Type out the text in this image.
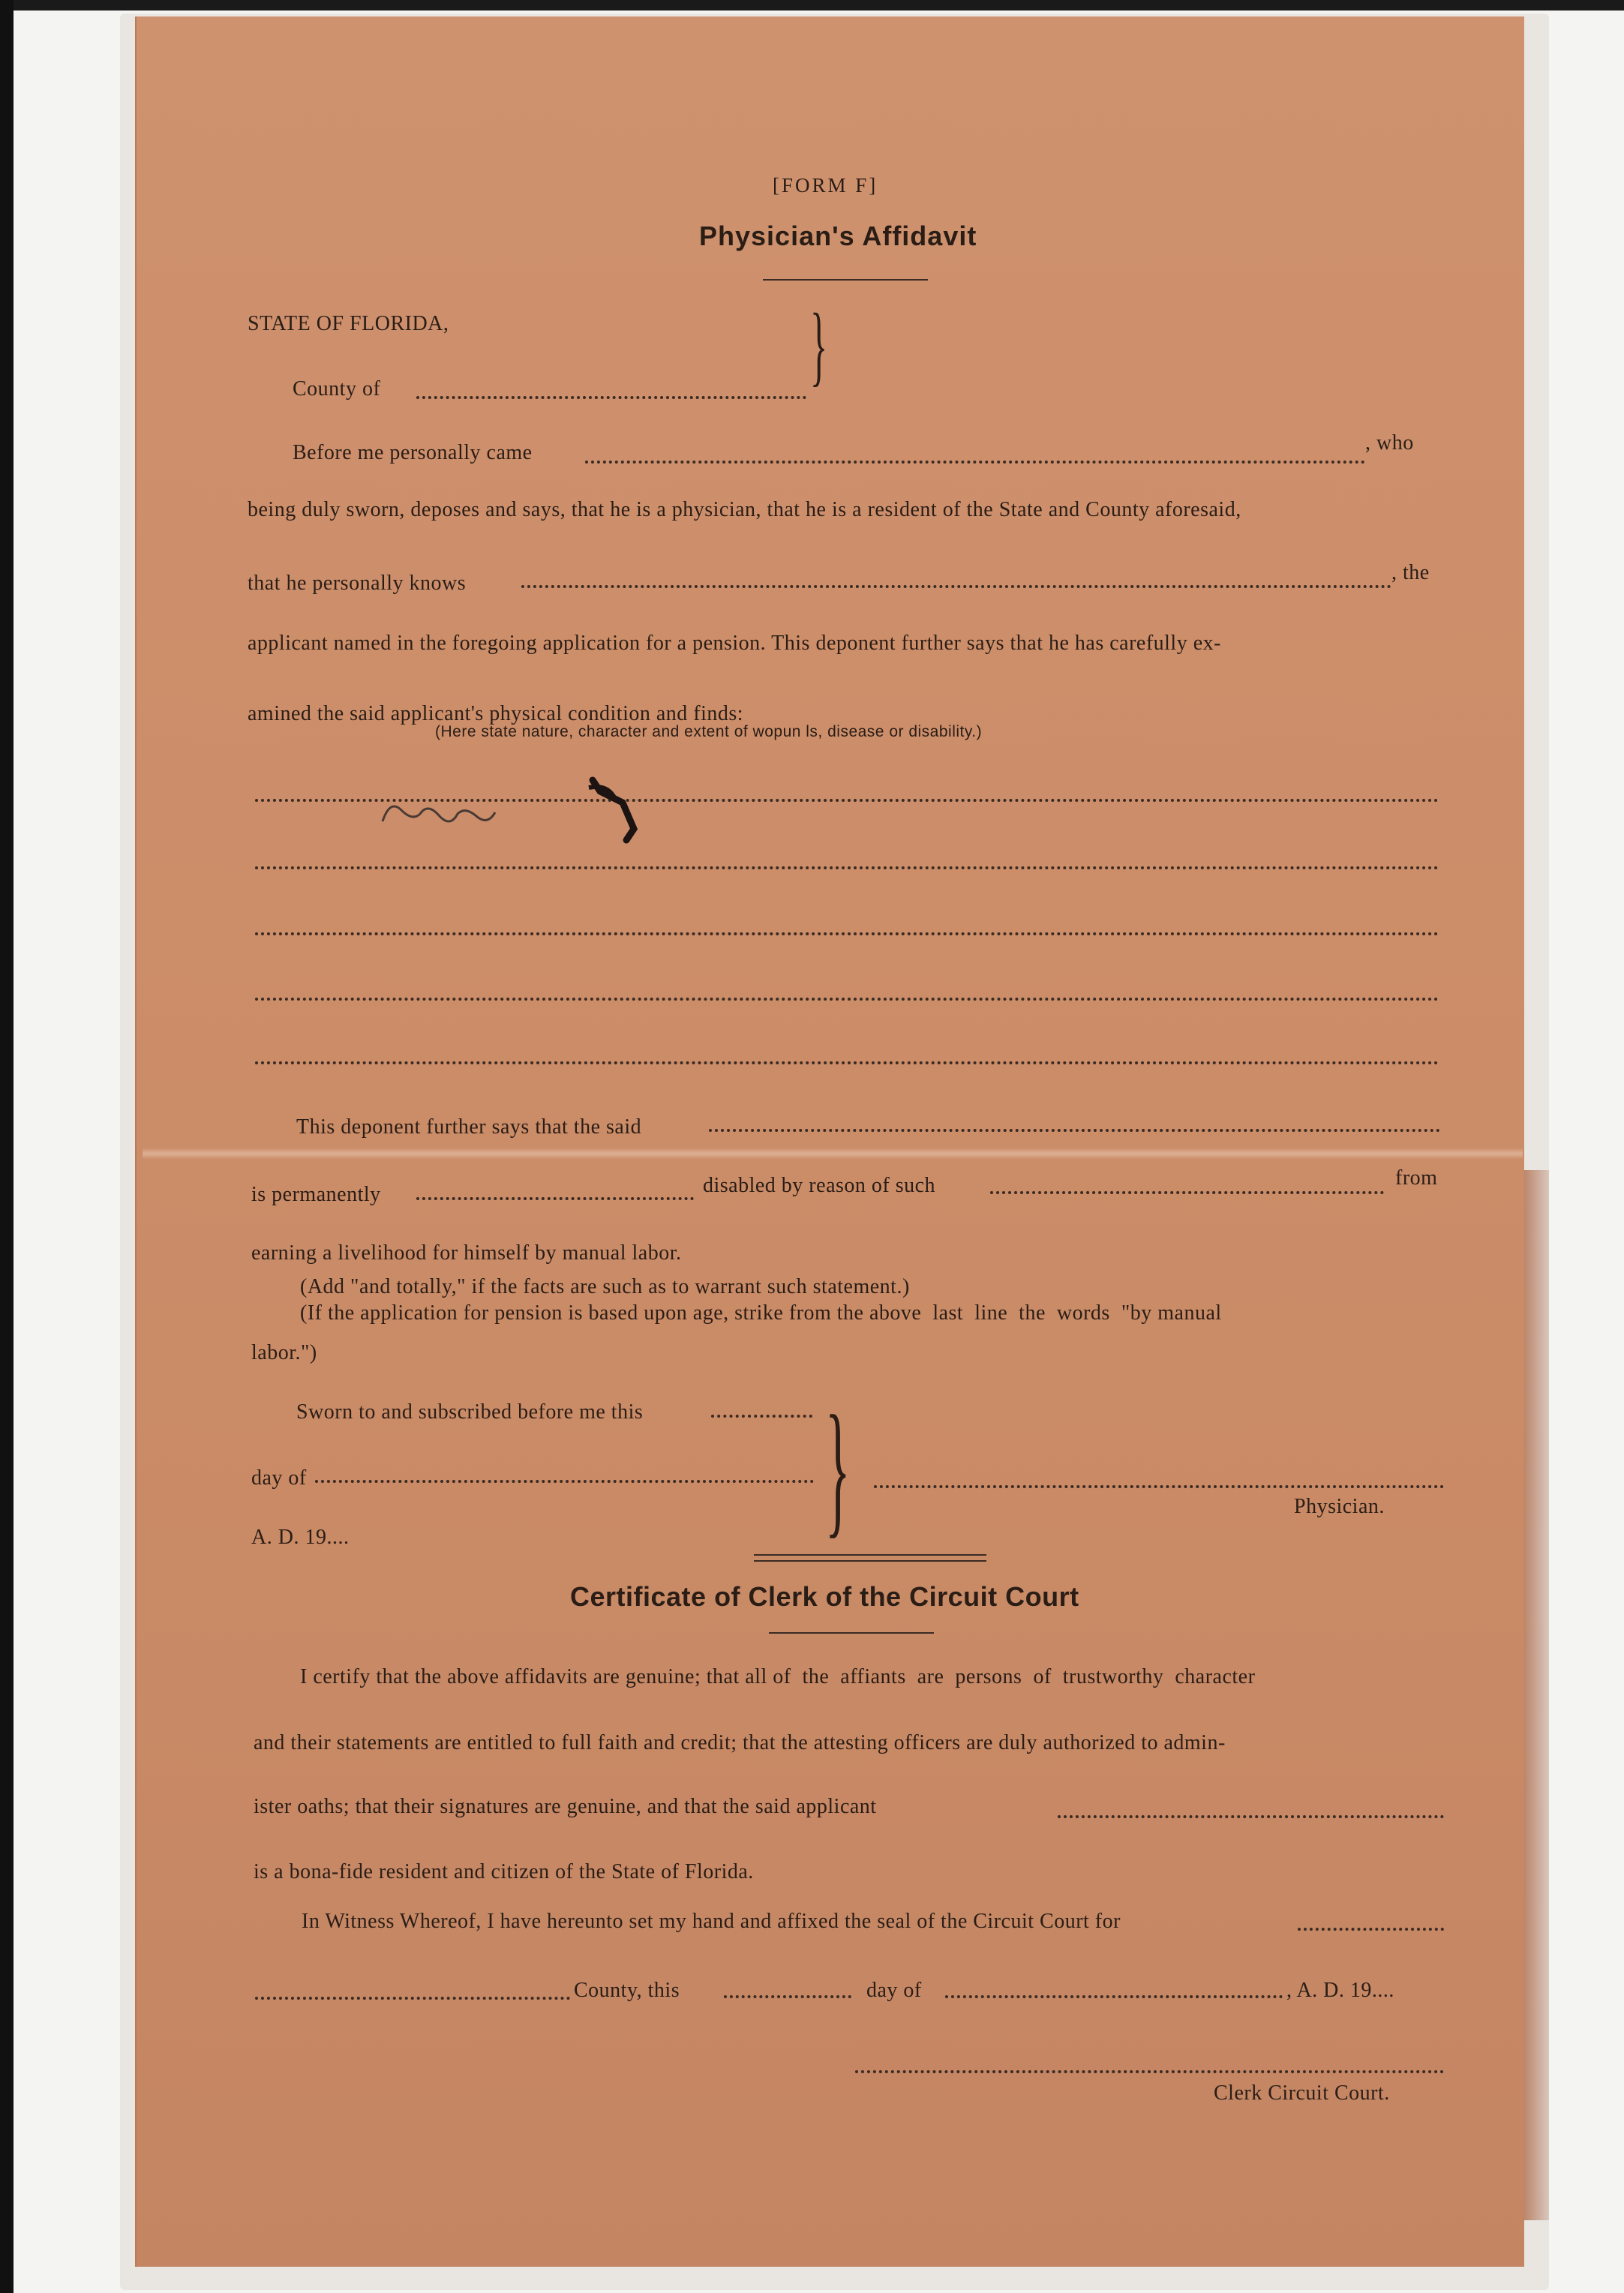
[FORM F]
Physician's Affidavit
STATE OF FLORIDA,
County of	}
Before me personally came	, who
being duly sworn, deposes and says, that he is a physician, that he is a resident of the State and County aforesaid,
that he personally knows	, the
applicant named in the foregoing application for a pension. This deponent further says that he has carefully ex-
amined the said applicant's physical condition and finds:
(Here state nature, character and extent of wopun ls, disease or disability.)
This deponent further says that the said
is permanently	disabled by reason of such	from
earning a livelihood for himself by manual labor.
(Add "and totally," if the facts are such as to warrant such statement.)
(If the application for pension is based upon age, strike from the above  last  line  the  words  "by manual
labor.")
Sworn to and subscribed before me this
day of
A. D. 19....	}	Physician.
Certificate of Clerk of the Circuit Court
I certify that the above affidavits are genuine; that all of  the  affiants  are  persons  of  trustworthy  character
and their statements are entitled to full faith and credit; that the attesting officers are duly authorized to admin-
ister oaths; that their signatures are genuine, and that the said applicant
is a bona-fide resident and citizen of the State of Florida.
In Witness Whereof, I have hereunto set my hand and affixed the seal of the Circuit Court for
County, this	day of	, A. D. 19....
Clerk Circuit Court.
